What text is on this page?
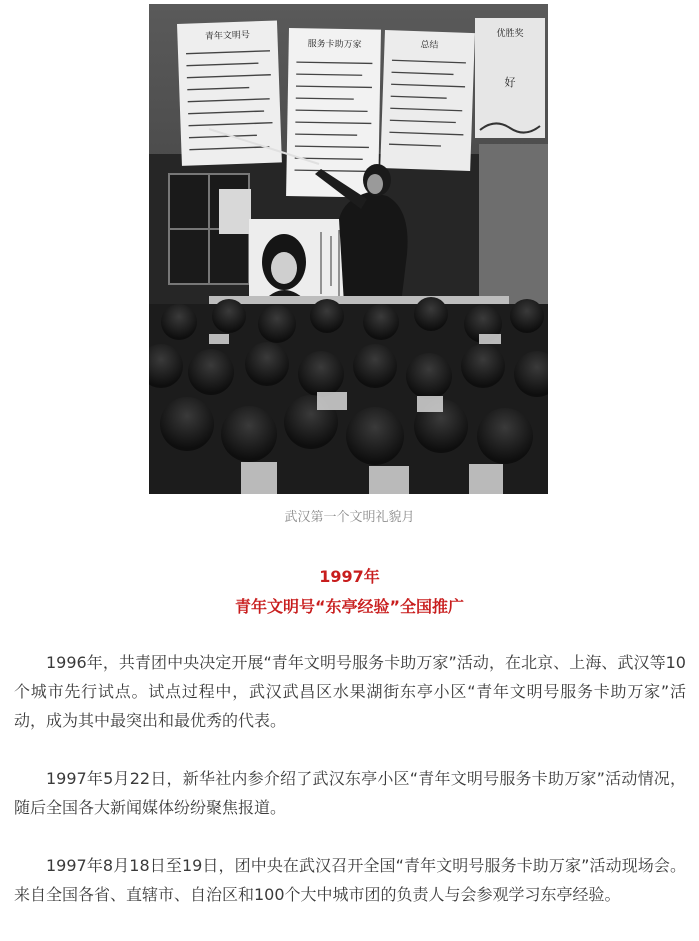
青年文明号
服务卡助万家	总结
优胜奖
好
武汉第一个文明礼貌月
1997年
青年文明号“东亭经验”全国推广

1996年，共青团中央决定开展“青年文明号服务卡助万家”活动，在北京、上海、武汉等10个城市先行试点。试点过程中，武汉武昌区水果湖街东亭小区“青年文明号服务卡助万家”活动，成为其中最突出和最优秀的代表。

1997年5月22日，新华社内参介绍了武汉东亭小区“青年文明号服务卡助万家”活动情况，随后全国各大新闻媒体纷纷聚焦报道。

1997年8月18日至19日，团中央在武汉召开全国“青年文明号服务卡助万家”活动现场会。来自全国各省、直辖市、自治区和100个大中城市团的负责人与会参观学习东亭经验。
